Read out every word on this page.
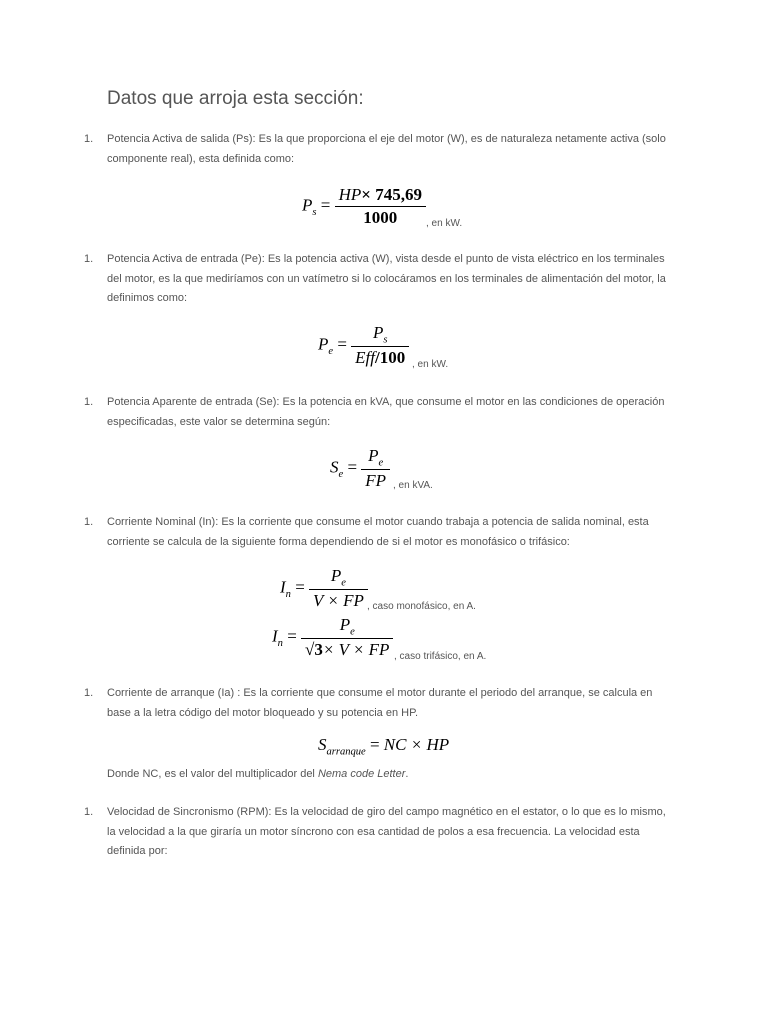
Datos que arroja esta sección:
1. Potencia Activa de salida (Ps): Es la que proporciona el eje del motor (W), es de naturaleza netamente activa (solo componente real), esta definida como:

$P_s = \frac{HP\times 745,69}{1000}$ , en kW.
1. Potencia Activa de entrada (Pe): Es la potencia activa (W), vista desde el punto de vista eléctrico en los terminales del motor, es la que mediríamos con un vatímetro si lo colocáramos en los terminales de alimentación del motor, la definimos como:

$P_e = \frac{P_s}{\text{Eff/100}}$ , en kW.
1. Potencia Aparente de entrada (Se): Es la potencia en kVA, que consume el motor en las condiciones de operación especificadas, este valor se determina según:

$S_e = \frac{P_e}{FP}$ , en kVA.
1. Corriente Nominal (In): Es la corriente que consume el motor cuando trabaja a potencia de salida nominal, esta corriente se calcula de la siguiente forma dependiendo de si el motor es monofásico o trifásico:

$I_n = \frac{P_e}{V \times FP}$ , caso monofásico, en A.
$I_n = \frac{P_e}{√3\times V \times FP}$ , caso trifásico, en A.
1. Corriente de arranque (Ia) : Es la corriente que consume el motor durante el periodo del arranque, se calcula en base a la letra código del motor bloqueado y su potencia en HP.

$S_{arranque}$ = NC × HP
Donde NC, es el valor del multiplicador del Nema code Letter.
1. Velocidad de Sincronismo (RPM): Es la velocidad de giro del campo magnético en el estator, o lo que es lo mismo, la velocidad a la que giraría un motor síncrono con esa cantidad de polos a esa frecuencia. La velocidad esta definida por:
